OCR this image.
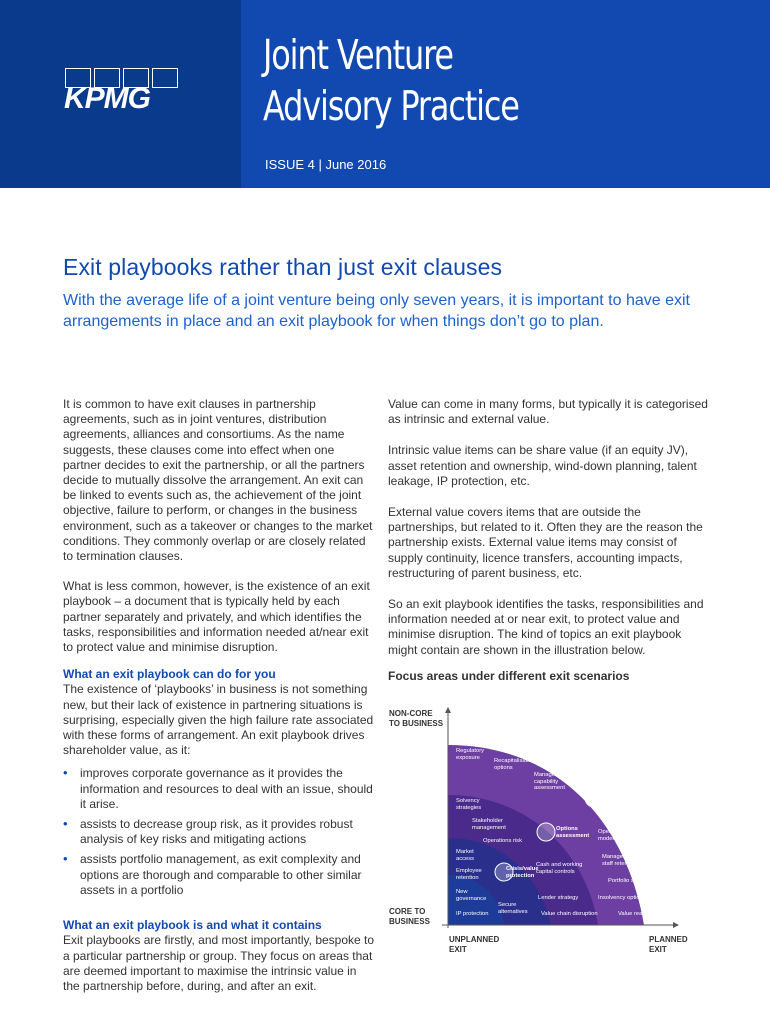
KPMG
Joint Venture
Advisory Practice
ISSUE 4 | June 2016
Exit playbooks rather than just exit clauses
With the average life of a joint venture being only seven years, it is important to have exit arrangements in place and an exit playbook for when things don’t go to plan.

It is common to have exit clauses in partnership agreements, such as in joint ventures, distribution agreements, alliances and consortiums. As the name suggests, these clauses come into effect when one partner decides to exit the partnership, or all the partners decide to mutually dissolve the arrangement. An exit can be linked to events such as, the achievement of the joint objective, failure to perform, or changes in the business environment, such as a takeover or changes to the market conditions. They commonly overlap or are closely related to termination clauses.

What is less common, however, is the existence of an exit playbook – a document that is typically held by each partner separately and privately, and which identifies the tasks, responsibilities and information needed at/near exit to protect value and minimise disruption.

What an exit playbook can do for you
The existence of ‘playbooks’ in business is not something new, but their lack of existence in partnering situations is surprising, especially given the high failure rate associated with these forms of arrangement. An exit playbook drives shareholder value, as it:
• improves corporate governance as it provides the information and resources to deal with an issue, should it arise.
• assists to decrease group risk, as it provides robust analysis of key risks and mitigating actions
• assists portfolio management, as exit complexity and options are thorough and comparable to other similar assets in a portfolio
What an exit playbook is and what it contains
Exit playbooks are firstly, and most importantly, bespoke to a particular partnership or group. They focus on areas that are deemed important to maximise the intrinsic value in the partnership before, during, and after an exit.

Value can come in many forms, but typically it is categorised as intrinsic and external value.

Intrinsic value items can be share value (if an equity JV), asset retention and ownership, wind-down planning, talent leakage, IP protection, etc.

External value covers items that are outside the partnerships, but related to it. Often they are the reason the partnership exists. External value items may consist of supply continuity, licence transfers, accounting impacts, restructuring of parent business, etc.

So an exit playbook identifies the tasks, responsibilities and information needed at or near exit, to protect value and minimise disruption. The kind of topics an exit playbook might contain are shown in the illustration below.

Focus areas under different exit scenarios
NON-CORE
TO BUSINESS
CORE TO
BUSINESS
UNPLANNED
EXIT
PLANNED
EXIT
Regulatory exposure
Recapitalisation options
Management capability assessment
Orderly wind up / value realisation
Solvency strategies
Stakeholder management	Options assessment
Operating model review
Operations risk
Market access
Cash and working capital controls
Management and staff retention
Employee retention
Crisis/value protection
Portfolio strategy
New governance	Lender strategy	Insolvency options
IP protection
Secure alternatives	Value chain disruption	Value realisation
